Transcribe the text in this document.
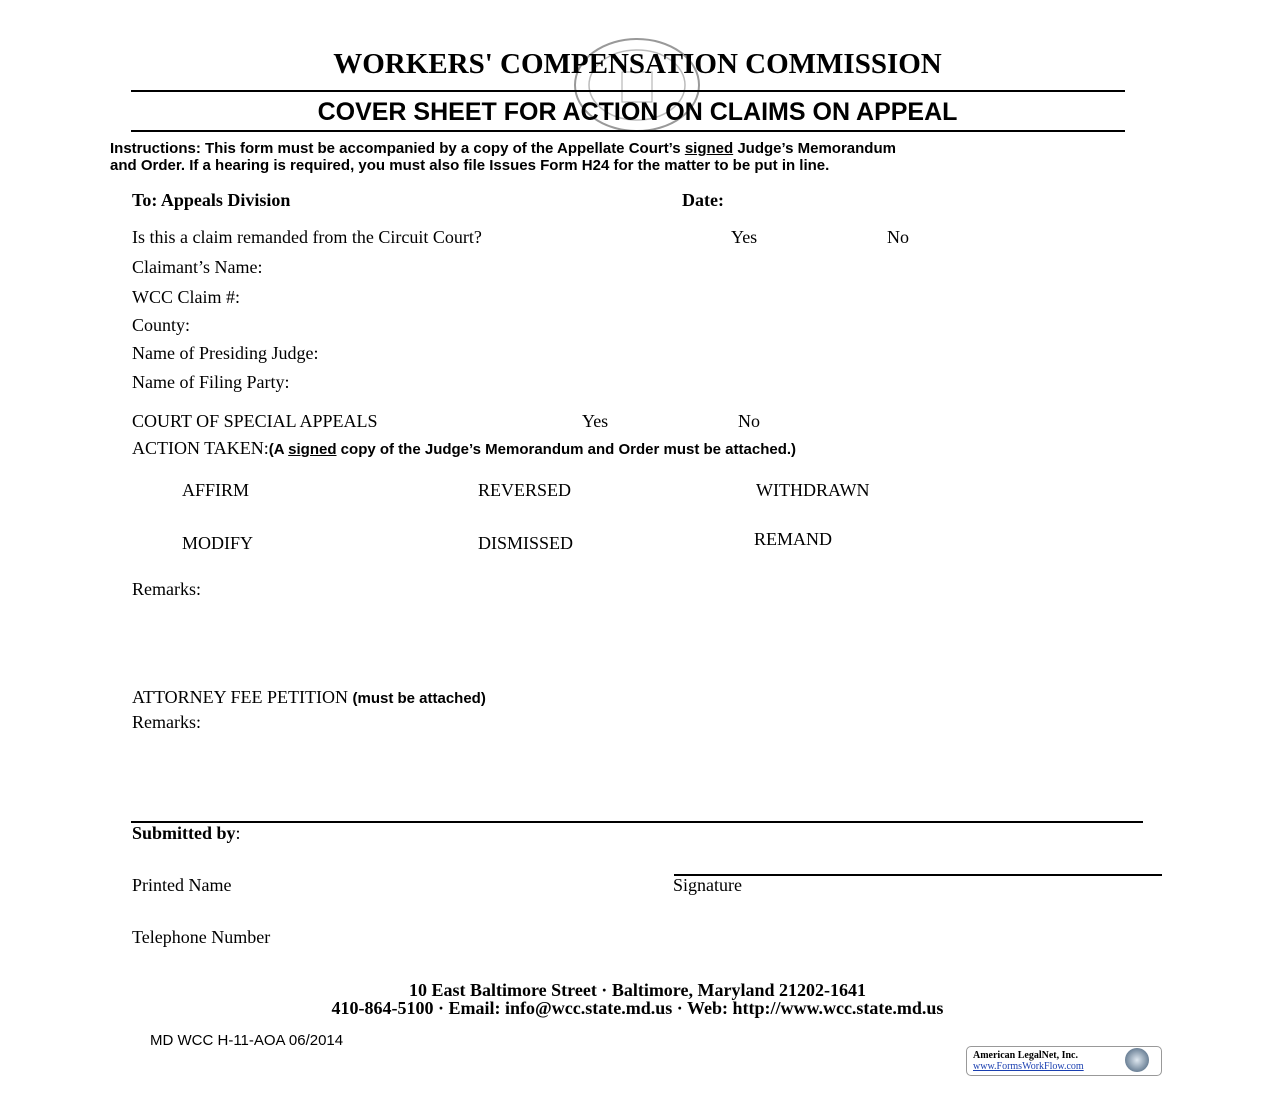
WORKERS' COMPENSATION COMMISSION
COVER SHEET FOR ACTION ON CLAIMS ON APPEAL
Instructions: This form must be accompanied by a copy of the Appellate Court’s signed Judge’s Memorandum
and Order. If a hearing is required, you must also file Issues Form H24 for the matter to be put in line.
To: Appeals Division	Date:
Is this a claim remanded from the Circuit Court?	Yes	No
Claimant’s Name:
WCC Claim #:
County:
Name of Presiding Judge:
Name of Filing Party:
COURT OF SPECIAL APPEALS	Yes	No
ACTION TAKEN:(A signed copy of the Judge’s Memorandum and Order must be attached.)
AFFIRM	REVERSED	WITHDRAWN
MODIFY	DISMISSED	REMAND
Remarks:
ATTORNEY FEE PETITION (must be attached)
Remarks:
Submitted by:
Printed Name	Signature
Telephone Number
10 East Baltimore Street · Baltimore, Maryland 21202-1641
410-864-5100 · Email: info@wcc.state.md.us · Web: http://www.wcc.state.md.us
MD WCC H-11-AOA 06/2014
American LegalNet, Inc.
www.FormsWorkFlow.com
